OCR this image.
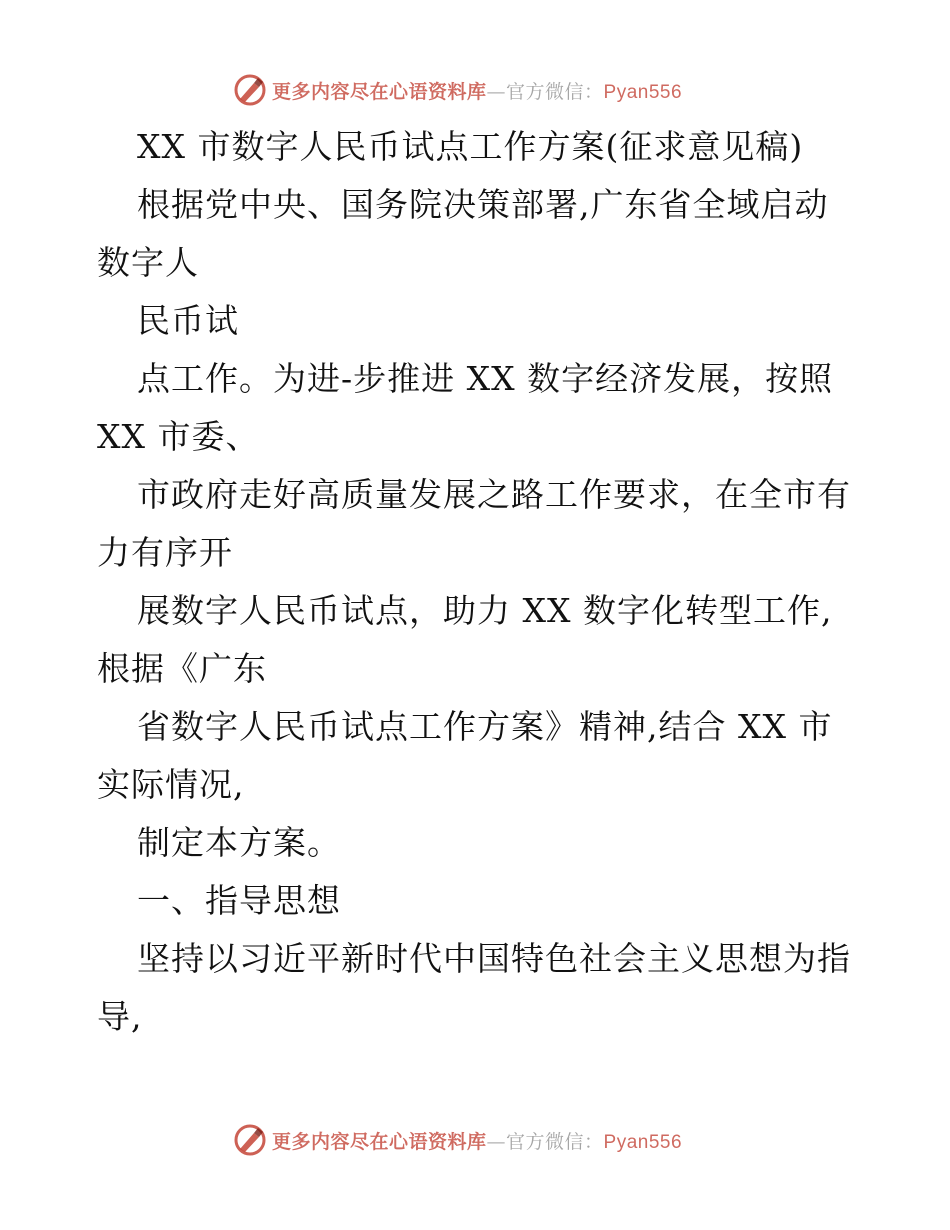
更多内容尽在心语资料库—官方微信：Pyan556
XX 市数字人民币试点工作方案(征求意见稿)
根据党中央、国务院决策部署,广东省全域启动
数字人
民币试
点工作。为进-步推进 XX 数字经济发展，按照
XX 市委、
市政府走好高质量发展之路工作要求，在全市有
力有序开
展数字人民币试点，助力 XX 数字化转型工作,
根据《广东
省数字人民币试点工作方案》精神,结合 XX 市
实际情况,
制定本方案。
一、指导思想
坚持以习近平新时代中国特色社会主义思想为指
导,
更多内容尽在心语资料库—官方微信：Pyan556
